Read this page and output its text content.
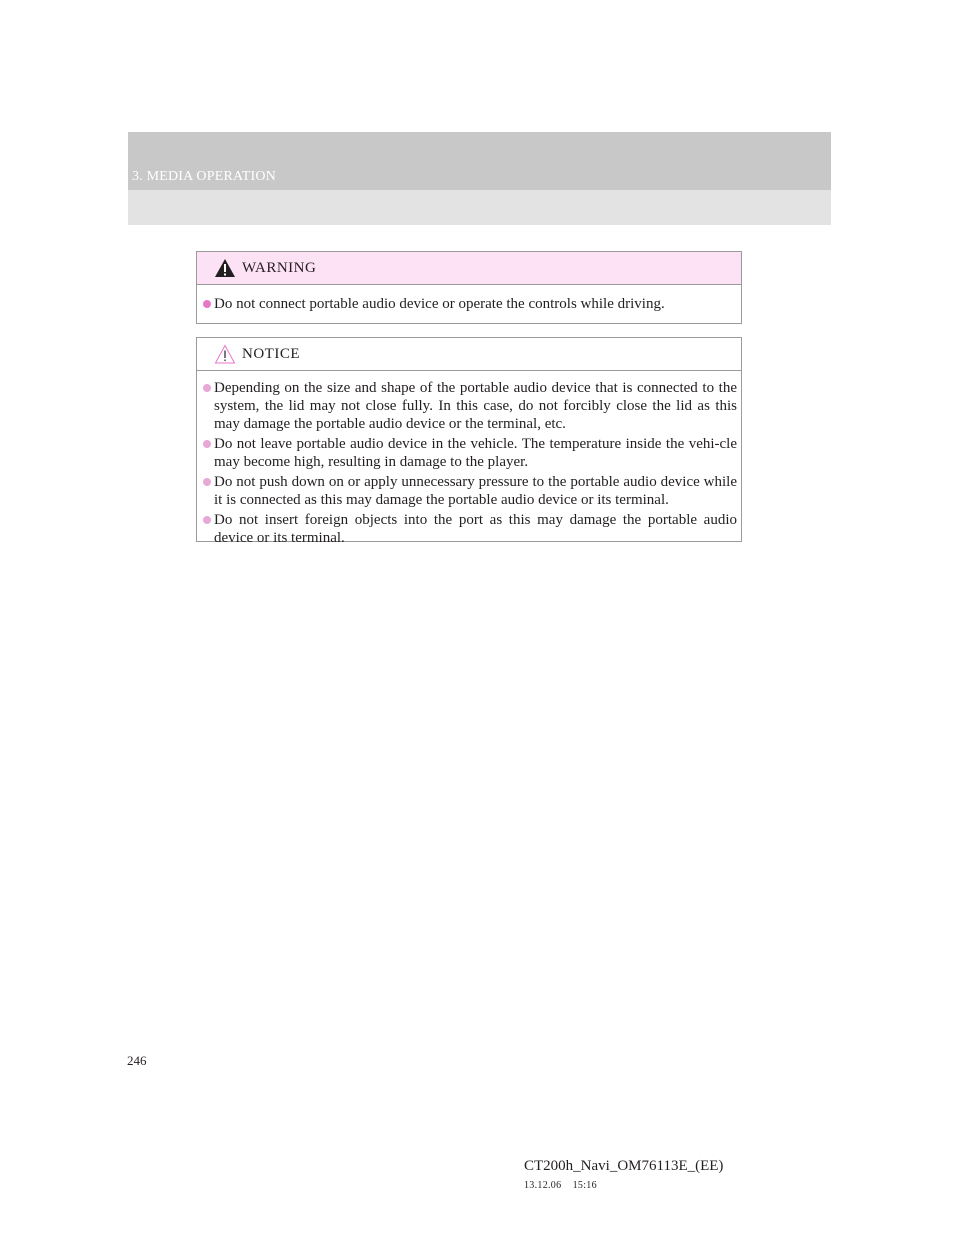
3. MEDIA OPERATION
WARNING
Do not connect portable audio device or operate the controls while driving.
NOTICE
Depending on the size and shape of the portable audio device that is connected to the system, the lid may not close fully. In this case, do not forcibly close the lid as this may damage the portable audio device or the terminal, etc.
Do not leave portable audio device in the vehicle. The temperature inside the vehi-cle may become high, resulting in damage to the player.
Do not push down on or apply unnecessary pressure to the portable audio device while it is connected as this may damage the portable audio device or its terminal.
Do not insert foreign objects into the port as this may damage the portable audio device or its terminal.
246
CT200h_Navi_OM76113E_(EE)
13.12.06    15:16
